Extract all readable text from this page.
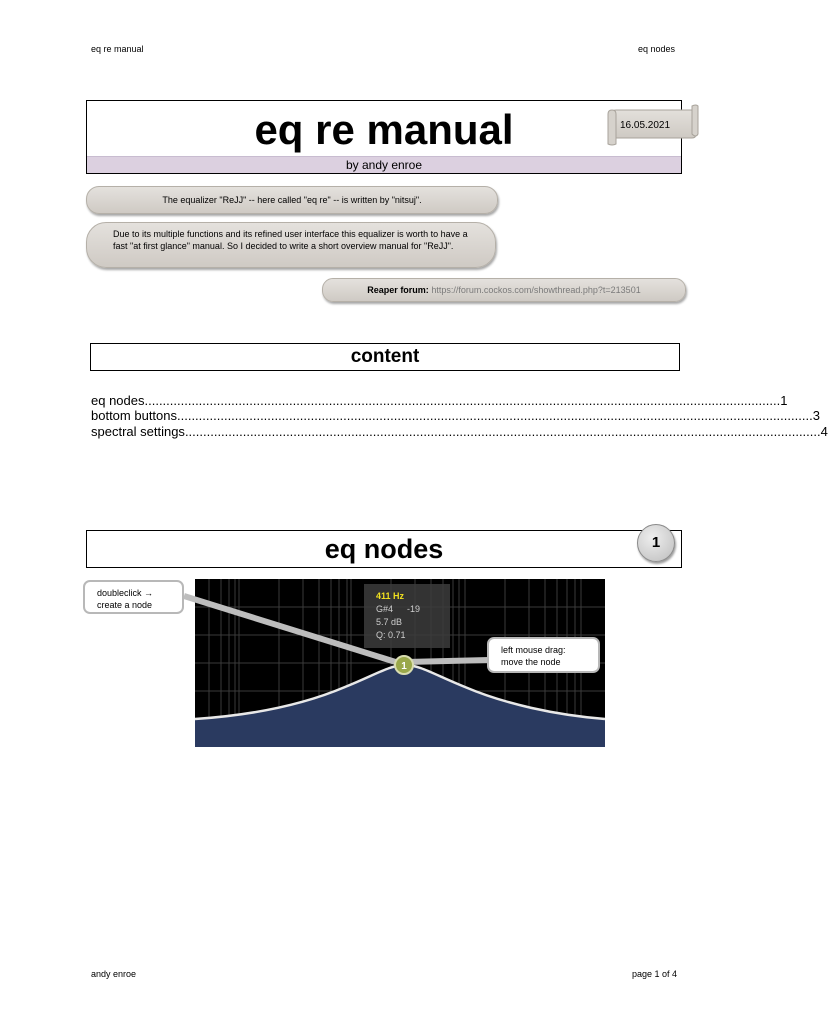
eq re manual	eq nodes
eq re manual
by andy enroe
16.05.2021
The equalizer "ReJJ" -- here called "eq re" -- is written by "nitsuj".
Due to its multiple functions and its refined user interface this equalizer is worth to have a fast "at first glance" manual. So I decided to write a short overview manual for "ReJJ".
Reaper forum: https://forum.cockos.com/showthread.php?t=213501
content
eq nodes ................................................................................................................................................................................ 1
bottom buttons ................................................................................................................................................................................ 3
spectral settings ................................................................................................................................................................................ 4
eq nodes	1
1
411 Hz
G#4 -19
5.7 dB
Q: 0.71
doubleclick →
create a node
left mouse drag:
move the node
andy enroe	page 1 of 4
